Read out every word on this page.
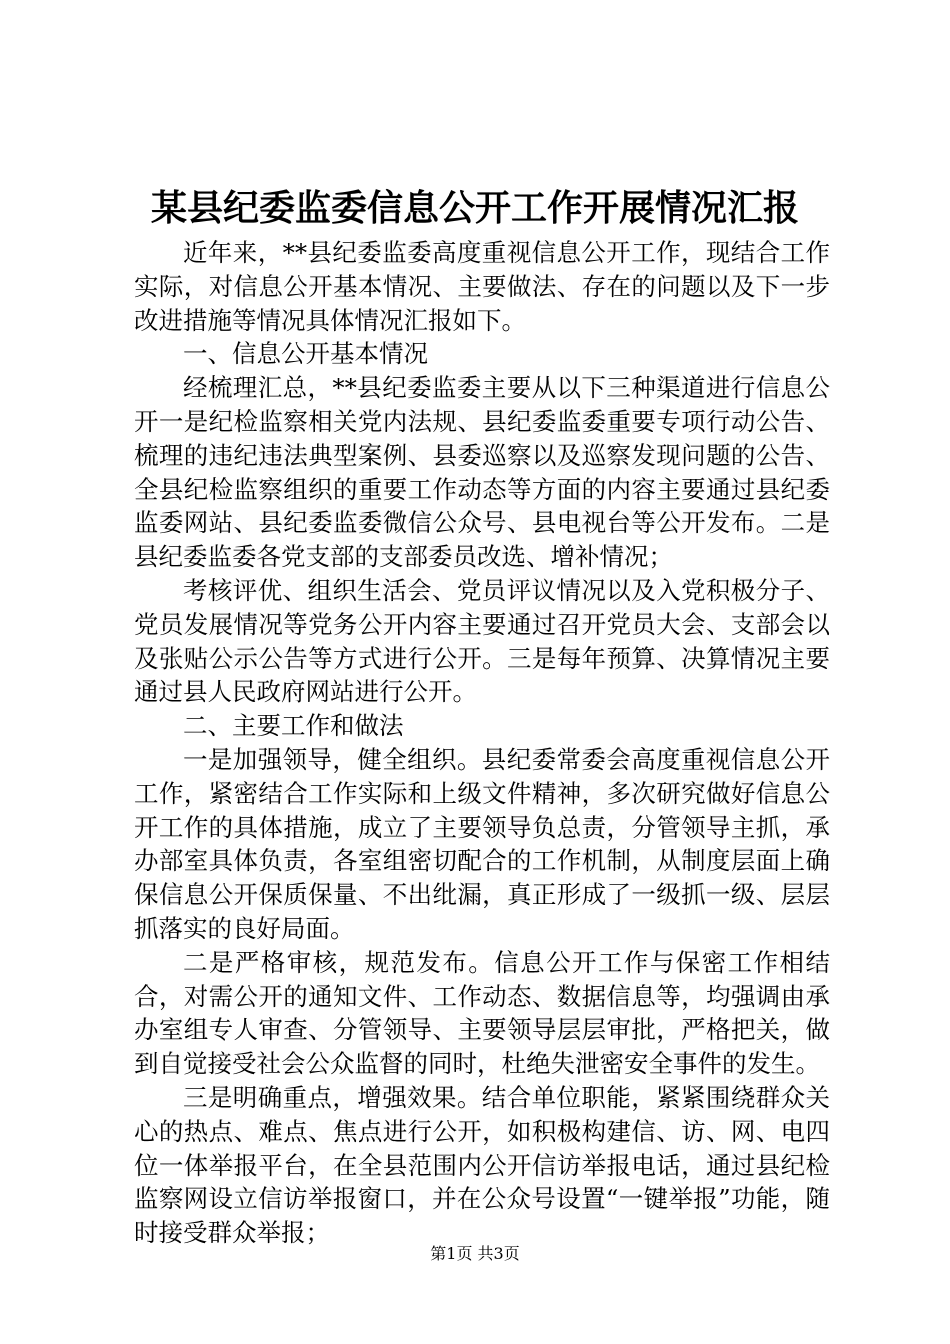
某县纪委监委信息公开工作开展情况汇报

近年来，**县纪委监委高度重视信息公开工作，现结合工作实际，对信息公开基本情况、主要做法、存在的问题以及下一步改进措施等情况具体情况汇报如下。

一、信息公开基本情况

经梳理汇总，**县纪委监委主要从以下三种渠道进行信息公开一是纪检监察相关党内法规、县纪委监委重要专项行动公告、梳理的违纪违法典型案例、县委巡察以及巡察发现问题的公告、全县纪检监察组织的重要工作动态等方面的内容主要通过县纪委监委网站、县纪委监委微信公众号、县电视台等公开发布。二是县纪委监委各党支部的支部委员改选、增补情况；

考核评优、组织生活会、党员评议情况以及入党积极分子、党员发展情况等党务公开内容主要通过召开党员大会、支部会以及张贴公示公告等方式进行公开。三是每年预算、决算情况主要通过县人民政府网站进行公开。

二、主要工作和做法

一是加强领导，健全组织。县纪委常委会高度重视信息公开工作，紧密结合工作实际和上级文件精神，多次研究做好信息公开工作的具体措施，成立了主要领导负总责，分管领导主抓，承办部室具体负责，各室组密切配合的工作机制，从制度层面上确保信息公开保质保量、不出纰漏，真正形成了一级抓一级、层层抓落实的良好局面。

二是严格审核，规范发布。信息公开工作与保密工作相结合，对需公开的通知文件、工作动态、数据信息等，均强调由承办室组专人审查、分管领导、主要领导层层审批，严格把关，做到自觉接受社会公众监督的同时，杜绝失泄密安全事件的发生。

三是明确重点，增强效果。结合单位职能，紧紧围绕群众关心的热点、难点、焦点进行公开，如积极构建信、访、网、电四位一体举报平台，在全县范围内公开信访举报电话，通过县纪检监察网设立信访举报窗口，并在公众号设置“一键举报”功能，随时接受群众举报；

第1页 共3页
